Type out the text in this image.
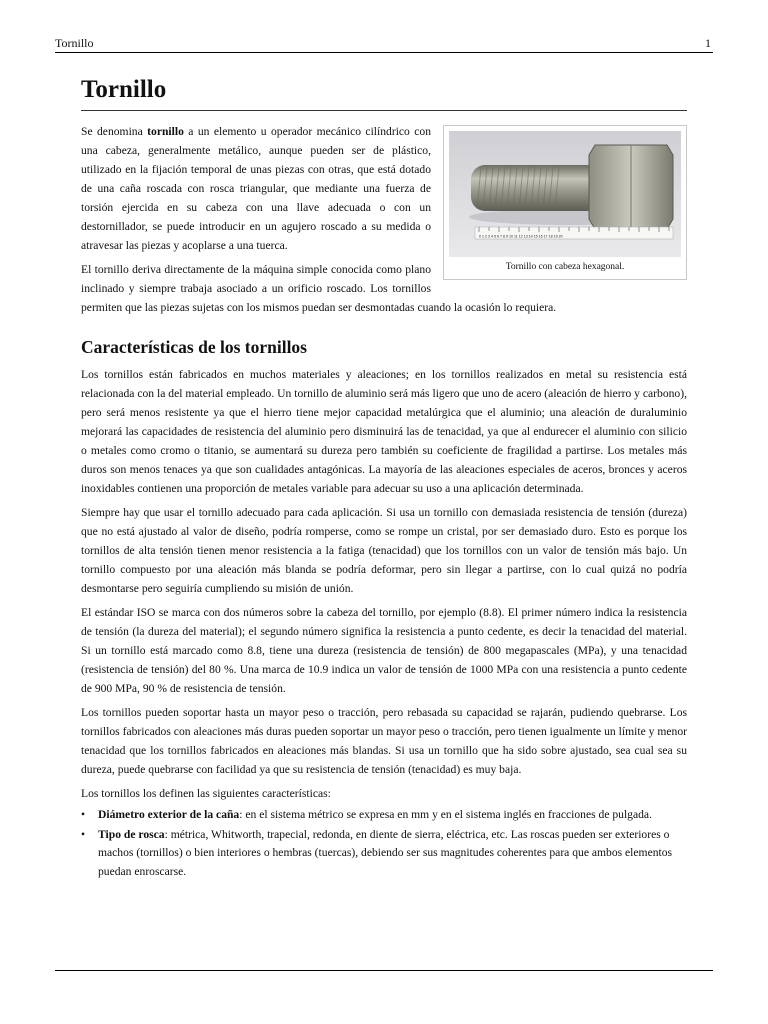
Tornillo	1
Tornillo
0 1 2 3 4 5 6 7 8 9 10 11 12 13 14 15 16 17 18 19 20
Tornillo con cabeza hexagonal.

Se denomina tornillo a un elemento u operador mecánico cilíndrico con una cabeza, generalmente metálico, aunque pueden ser de plástico, utilizado en la fijación temporal de unas piezas con otras, que está dotado de una caña roscada con rosca triangular, que mediante una fuerza de torsión ejercida en su cabeza con una llave adecuada o con un destornillador, se puede introducir en un agujero roscado a su medida o atravesar las piezas y acoplarse a una tuerca.

El tornillo deriva directamente de la máquina simple conocida como plano inclinado y siempre trabaja asociado a un orificio roscado. Los tornillos permiten que las piezas sujetas con los mismos puedan ser desmontadas cuando la ocasión lo requiera.

Características de los tornillos

Los tornillos están fabricados en muchos materiales y aleaciones; en los tornillos realizados en metal su resistencia está relacionada con la del material empleado. Un tornillo de aluminio será más ligero que uno de acero (aleación de hierro y carbono), pero será menos resistente ya que el hierro tiene mejor capacidad metalúrgica que el aluminio; una aleación de duraluminio mejorará las capacidades de resistencia del aluminio pero disminuirá las de tenacidad, ya que al endurecer el aluminio con silicio o metales como cromo o titanio, se aumentará su dureza pero también su coeficiente de fragilidad a partirse. Los metales más duros son menos tenaces ya que son cualidades antagónicas. La mayoría de las aleaciones especiales de aceros, bronces y aceros inoxidables contienen una proporción de metales variable para adecuar su uso a una aplicación determinada.

Siempre hay que usar el tornillo adecuado para cada aplicación. Si usa un tornillo con demasiada resistencia de tensión (dureza) que no está ajustado al valor de diseño, podría romperse, como se rompe un cristal, por ser demasiado duro. Esto es porque los tornillos de alta tensión tienen menor resistencia a la fatiga (tenacidad) que los tornillos con un valor de tensión más bajo. Un tornillo compuesto por una aleación más blanda se podría deformar, pero sin llegar a partirse, con lo cual quizá no podría desmontarse pero seguiría cumpliendo su misión de unión.

El estándar ISO se marca con dos números sobre la cabeza del tornillo, por ejemplo (8.8). El primer número indica la resistencia de tensión (la dureza del material); el segundo número significa la resistencia a punto cedente, es decir la tenacidad del material. Si un tornillo está marcado como 8.8, tiene una dureza (resistencia de tensión) de 800 megapascales (MPa), y una tenacidad (resistencia de tensión) del 80 %. Una marca de 10.9 indica un valor de tensión de 1000 MPa con una resistencia a punto cedente de 900 MPa, 90 % de resistencia de tensión.

Los tornillos pueden soportar hasta un mayor peso o tracción, pero rebasada su capacidad se rajarán, pudiendo quebrarse. Los tornillos fabricados con aleaciones más duras pueden soportar un mayor peso o tracción, pero tienen igualmente un límite y menor tenacidad que los tornillos fabricados en aleaciones más blandas. Si usa un tornillo que ha sido sobre ajustado, sea cual sea su dureza, puede quebrarse con facilidad ya que su resistencia de tensión (tenacidad) es muy baja.

Los tornillos los definen las siguientes características:

• Diámetro exterior de la caña: en el sistema métrico se expresa en mm y en el sistema inglés en fracciones de pulgada.
• Tipo de rosca: métrica, Whitworth, trapecial, redonda, en diente de sierra, eléctrica, etc. Las roscas pueden ser exteriores o machos (tornillos) o bien interiores o hembras (tuercas), debiendo ser sus magnitudes coherentes para que ambos elementos puedan enroscarse.
